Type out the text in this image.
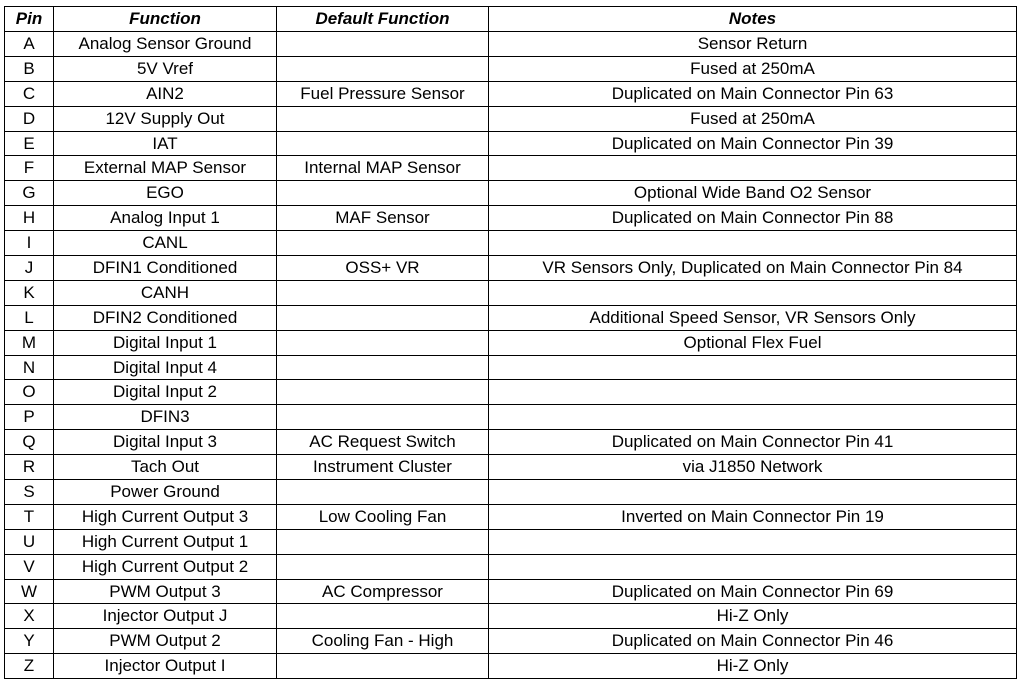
Pin	Function	Default Function	Notes
A	Analog Sensor Ground		Sensor Return
B	5V Vref		Fused at 250mA
C	AIN2	Fuel Pressure Sensor	Duplicated on Main Connector Pin 63
D	12V Supply Out		Fused at 250mA
E	IAT		Duplicated on Main Connector Pin 39
F	External MAP Sensor	Internal MAP Sensor	
G	EGO		Optional Wide Band O2 Sensor
H	Analog Input 1	MAF Sensor	Duplicated on Main Connector Pin 88
I	CANL		
J	DFIN1 Conditioned	OSS+ VR	VR Sensors Only, Duplicated on Main Connector Pin 84
K	CANH		
L	DFIN2 Conditioned		Additional Speed Sensor, VR Sensors Only
M	Digital Input 1		Optional Flex Fuel
N	Digital Input 4		
O	Digital Input 2		
P	DFIN3		
Q	Digital Input 3	AC Request Switch	Duplicated on Main Connector Pin 41
R	Tach Out	Instrument Cluster	via J1850 Network
S	Power Ground		
T	High Current Output 3	Low Cooling Fan	Inverted on Main Connector Pin 19
U	High Current Output 1		
V	High Current Output 2		
W	PWM Output 3	AC Compressor	Duplicated on Main Connector Pin 69
X	Injector Output J		Hi-Z Only
Y	PWM Output 2	Cooling Fan - High	Duplicated on Main Connector Pin 46
Z	Injector Output I		Hi-Z Only
